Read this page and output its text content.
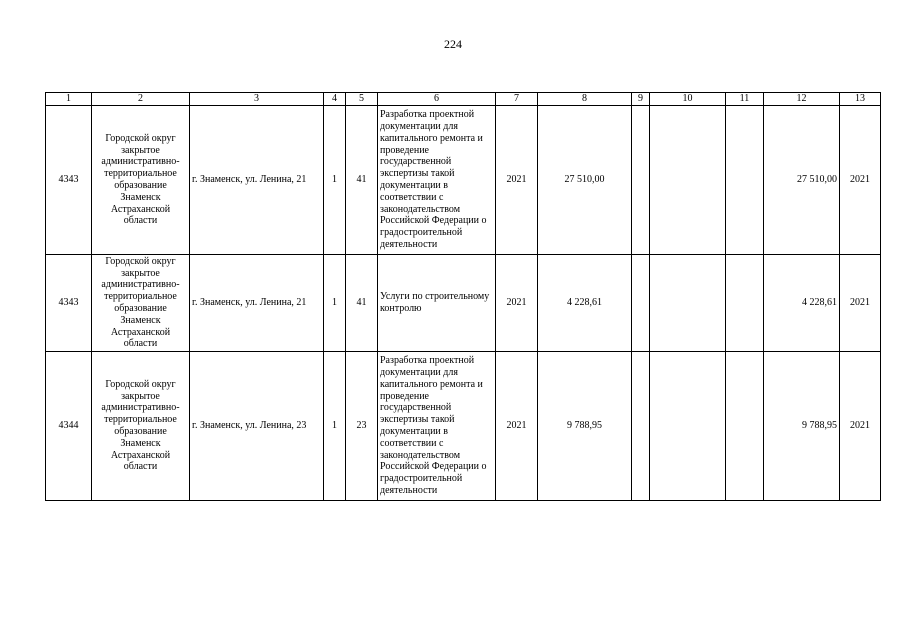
224
1	2	3	4	5	6	7	8	9	10	11	12	13
4343	Городской округ закрытое административно-территориальное образование Знаменск Астраханской области	г. Знаменск, ул. Ленина, 21	1	41	Разработка проектной документации для капитального ремонта и проведение государственной экспертизы такой документации в соответствии с законодательством Российской Федерации о градостроительной деятельности	2021	27 510,00				27 510,00	2021
4343	Городской округ закрытое административно-территориальное образование Знаменск Астраханской области	г. Знаменск, ул. Ленина, 21	1	41	Услуги по строительному контролю	2021	4 228,61				4 228,61	2021
4344	Городской округ закрытое административно-территориальное образование Знаменск Астраханской области	г. Знаменск, ул. Ленина, 23	1	23	Разработка проектной документации для капитального ремонта и проведение государственной экспертизы такой документации в соответствии с законодательством Российской Федерации о градостроительной деятельности	2021	9 788,95				9 788,95	2021
